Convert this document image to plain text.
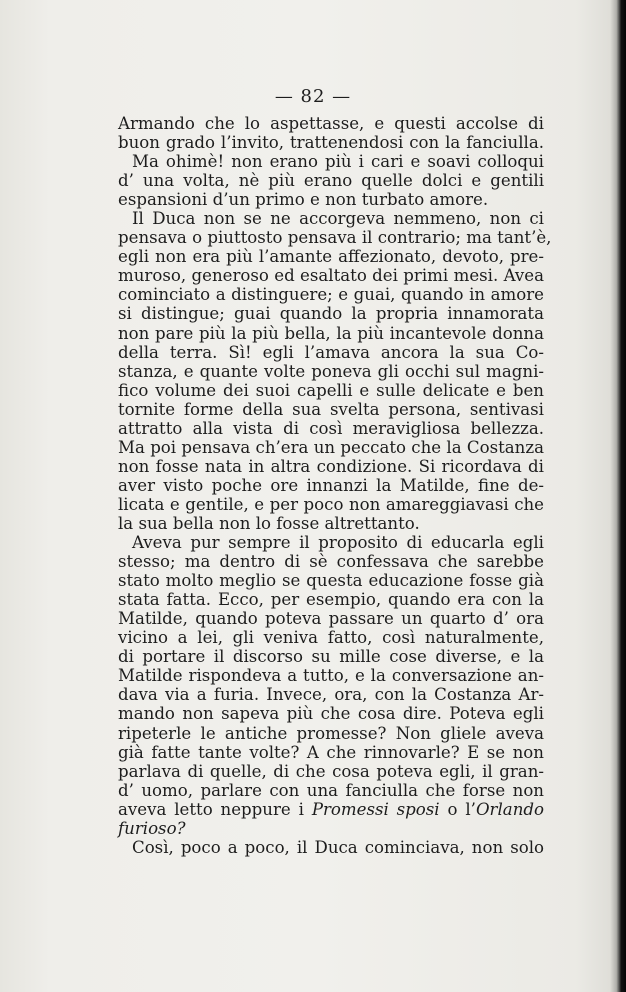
— 82 —
Armando che lo aspettasse, e questi accolse di
buon grado l’invito, trattenendosi con la fanciulla.
Ma ohimè! non erano più i cari e soavi colloqui
d’ una volta, nè più erano quelle dolci e gentili
espansioni d’un primo e non turbato amore.
Il Duca non se ne accorgeva nemmeno, non ci
pensava o piuttosto pensava il contrario; ma tant’è,
egli non era più l’amante affezionato, devoto, pre-
muroso, generoso ed esaltato dei primi mesi. Avea
cominciato a distinguere; e guai, quando in amore
si distingue; guai quando la propria innamorata
non pare più la più bella, la più incantevole donna
della terra. Sì! egli l’amava ancora la sua Co-
stanza, e quante volte poneva gli occhi sul magni-
fico volume dei suoi capelli e sulle delicate e ben
tornite forme della sua svelta persona, sentivasi
attratto alla vista di così meravigliosa bellezza.
Ma poi pensava ch’era un peccato che la Costanza
non fosse nata in altra condizione. Si ricordava di
aver visto poche ore innanzi la Matilde, fine de-
licata e gentile, e per poco non amareggiavasi che
la sua bella non lo fosse altrettanto.
Aveva pur sempre il proposito di educarla egli
stesso; ma dentro di sè confessava che sarebbe
stato molto meglio se questa educazione fosse già
stata fatta. Ecco, per esempio, quando era con la
Matilde, quando poteva passare un quarto d’ ora
vicino a lei, gli veniva fatto, così naturalmente,
di portare il discorso su mille cose diverse, e la
Matilde rispondeva a tutto, e la conversazione an-
dava via a furia. Invece, ora, con la Costanza Ar-
mando non sapeva più che cosa dire. Poteva egli
ripeterle le antiche promesse? Non gliele aveva
già fatte tante volte? A che rinnovarle? E se non
parlava di quelle, di che cosa poteva egli, il gran-
d’ uomo, parlare con una fanciulla che forse non
aveva letto neppure i Promessi sposi o l’Orlando
furioso?
Così, poco a poco, il Duca cominciava, non solo
